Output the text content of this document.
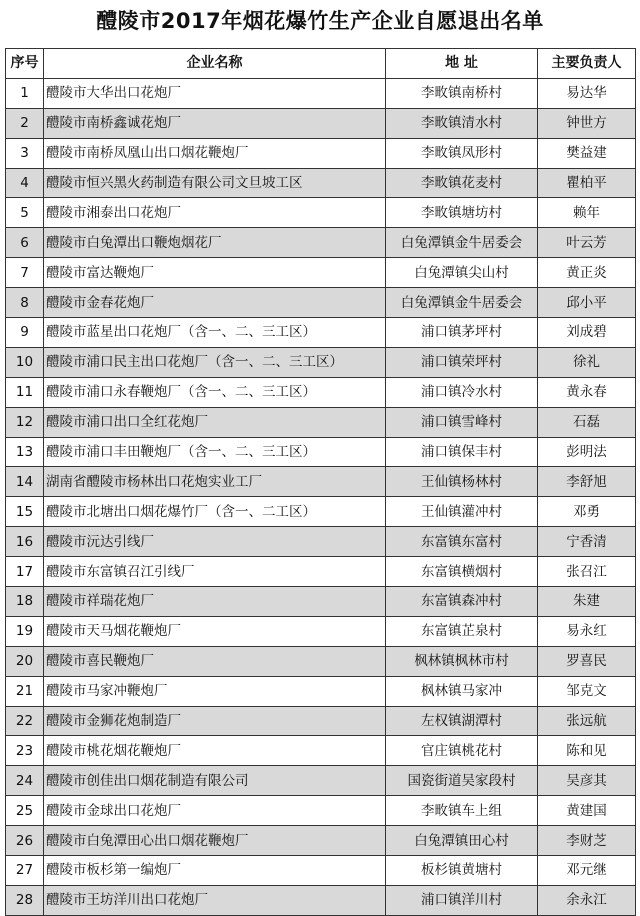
醴陵市2017年烟花爆竹生产企业自愿退出名单
序号	企业名称	地 址	主要负责人
1	醴陵市大华出口花炮厂	李畋镇南桥村	易达华
2	醴陵市南桥鑫诚花炮厂	李畋镇清水村	钟世方
3	醴陵市南桥凤凰山出口烟花鞭炮厂	李畋镇凤形村	樊益建
4	醴陵市恒兴黑火药制造有限公司文旦坡工区	李畋镇花麦村	瞿柏平
5	醴陵市湘泰出口花炮厂	李畋镇塘坊村	赖年
6	醴陵市白兔潭出口鞭炮烟花厂	白兔潭镇金牛居委会	叶云芳
7	醴陵市富达鞭炮厂	白兔潭镇尖山村	黄正炎
8	醴陵市金春花炮厂	白兔潭镇金牛居委会	邱小平
9	醴陵市蓝星出口花炮厂（含一、二、三工区）	浦口镇茅坪村	刘成碧
10	醴陵市浦口民主出口花炮厂（含一、二、三工区）	浦口镇荣坪村	徐礼
11	醴陵市浦口永春鞭炮厂（含一、二、三工区）	浦口镇冷水村	黄永春
12	醴陵市浦口出口全红花炮厂	浦口镇雪峰村	石磊
13	醴陵市浦口丰田鞭炮厂（含一、二、三工区）	浦口镇保丰村	彭明法
14	湖南省醴陵市杨林出口花炮实业工厂	王仙镇杨林村	李舒旭
15	醴陵市北塘出口烟花爆竹厂（含一、二工区）	王仙镇灌冲村	邓勇
16	醴陵市沅达引线厂	东富镇东富村	宁香清
17	醴陵市东富镇召江引线厂	东富镇横烟村	张召江
18	醴陵市祥瑞花炮厂	东富镇森冲村	朱建
19	醴陵市天马烟花鞭炮厂	东富镇芷泉村	易永红
20	醴陵市喜民鞭炮厂	枫林镇枫林市村	罗喜民
21	醴陵市马家冲鞭炮厂	枫林镇马家冲	邹克文
22	醴陵市金狮花炮制造厂	左权镇湖潭村	张远航
23	醴陵市桃花烟花鞭炮厂	官庄镇桃花村	陈和见
24	醴陵市创佳出口烟花制造有限公司	国瓷街道吴家段村	吴彦其
25	醴陵市金球出口花炮厂	李畋镇车上组	黄建国
26	醴陵市白兔潭田心出口烟花鞭炮厂	白兔潭镇田心村	李财芝
27	醴陵市板杉第一编炮厂	板杉镇黄塘村	邓元继
28	醴陵市王坊洋川出口花炮厂	浦口镇洋川村	余永江
